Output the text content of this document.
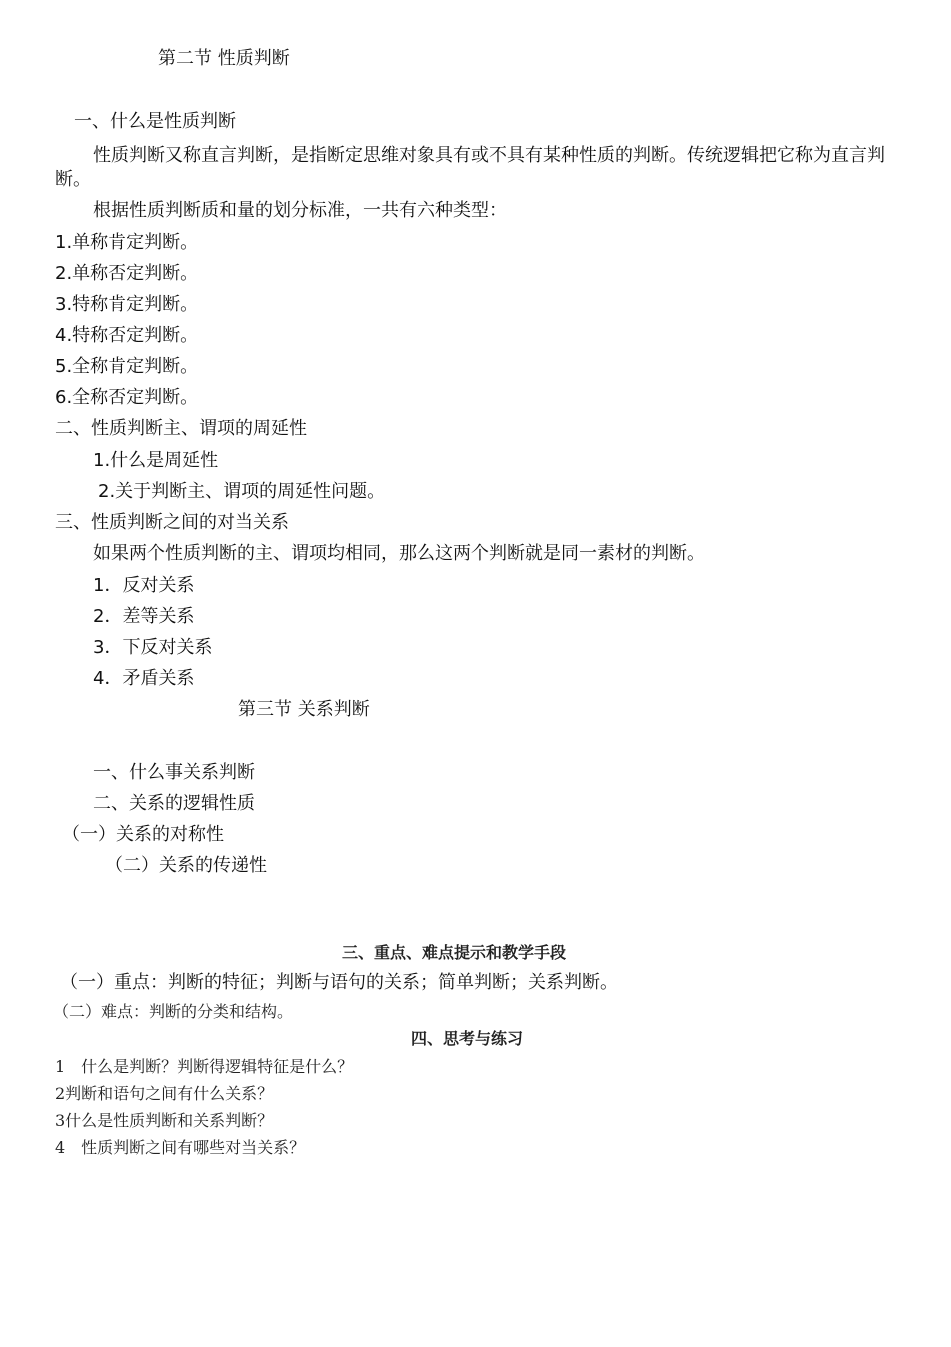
第二节 性质判断
一、什么是性质判断
性质判断又称直言判断，是指断定思维对象具有或不具有某种性质的判断。传统逻辑把它称为直言判断。
根据性质判断质和量的划分标准，一共有六种类型：
1.单称肯定判断。
2.单称否定判断。
3.特称肯定判断。
4.特称否定判断。
5.全称肯定判断。
6.全称否定判断。
二、性质判断主、谓项的周延性
1.什么是周延性
2.关于判断主、谓项的周延性问题。
三、性质判断之间的对当关系
如果两个性质判断的主、谓项均相同，那么这两个判断就是同一素材的判断。
1．反对关系
2．差等关系
3．下反对关系
4．矛盾关系
第三节 关系判断
一、什么事关系判断
二、关系的逻辑性质
（一）关系的对称性
（二）关系的传递性
三、重点、难点提示和教学手段
（一）重点：判断的特征；判断与语句的关系；简单判断；关系判断。
（二）难点：判断的分类和结构。
四、思考与练习
1　什么是判断？判断得逻辑特征是什么？
2判断和语句之间有什么关系？
3什么是性质判断和关系判断？
4　性质判断之间有哪些对当关系？
